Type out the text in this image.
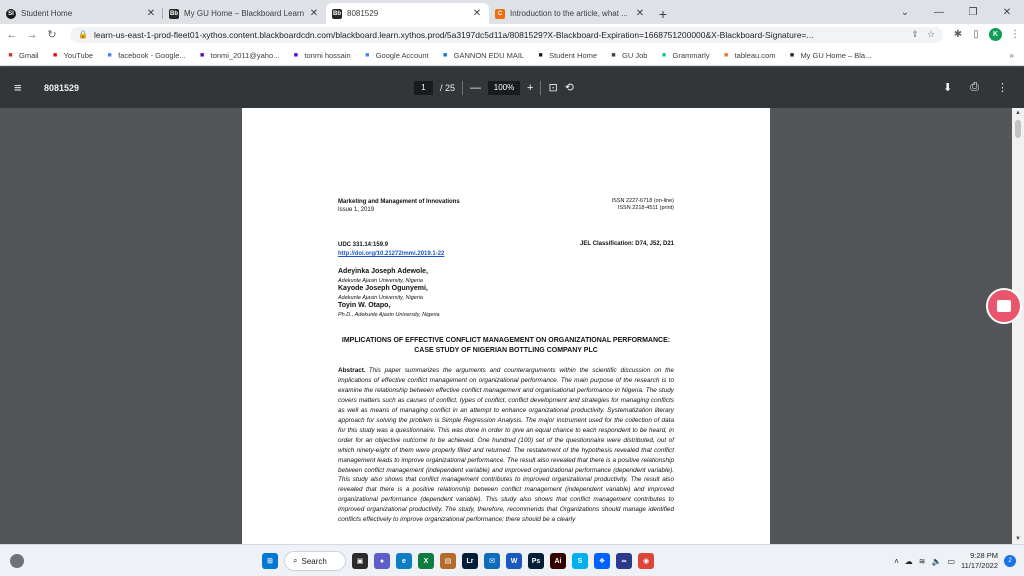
SI Student Home	✕	Bb My GU Home – Blackboard Learn ✕	Bb 8081529	✕	C Introduction to the article, what ... ✕	+	⌄	—	❐	✕
← → ↻	🔒 learn-us-east-1-prod-fleet01-xythos.content.blackboardcdn.com/blackboard.learn.xythos.prod/5a3197dc5d11a/8081529?X-Blackboard-Expiration=1668751200000&X-Blackboard-Signature=...	⇪ ☆	✱	▯	K	⋮
■ Gmail	■ YouTube	■ facebook - Google...	■ tonmi_2011@yaho...	■ tonmi hossain	■ Google Account	■ GANNON EDU MAIL	■ Student Home	■ GU Job	■ Grammarly	■ tableau.com	■ My GU Home – Bla...	»
≡	8081529	1	/ 25 —	100%	+ ⊡ ⟲	⬇ ⎙ ⋮
Marketing and Management of Innovations
Issue 1, 2019
ISSN 2227-6718 (on-line)
ISSN 2218-4511 (print)
UDC 331.14:159.9
http://doi.org/10.21272/mmi.2019.1-22
JEL Classification: D74, J52, D21
Adeyinka Joseph Adewole,
Adekunle Ajasin University, Nigeria
Kayode Joseph Ogunyemi,
Adekunle Ajasin University, Nigeria
Toyin W. Otapo,
Ph.D., Adekunle Ajasin University, Nigeria
IMPLICATIONS OF EFFECTIVE CONFLICT MANAGEMENT ON ORGANIZATIONAL PERFORMANCE: CASE STUDY OF NIGERIAN BOTTLING COMPANY PLC
Abstract. This paper summarizes the arguments and counterarguments within the scientific discussion on the implications of effective conflict management on organizational performance. The main purpose of the research is to examine the relationship between effective conflict management and organisational performance in Nigeria. The study covers matters such as causes of conflict, types of conflict, conflict development and strategies for managing conflicts as well as means of managing conflict in an attempt to enhance organizational productivity. Systematization literary approach for solving the problem is Simple Regression Analysis. The major instrument used for the collection of data for this study was a questionnaire. This was done in order to give an equal chance to each respondent to be heard, in order for an objective outcome to be achieved. One hundred (100) set of the questionnaire were distributed, out of which ninety-eight of them were properly filled and returned. The restatement of the hypothesis revealed that conflict management leads to improve organizational performance. The result also revealed that there is a positive relationship between conflict management (independent variable) and improved organizational performance (dependent variable). This study also shows that conflict management contributes to improved organizational productivity. The result also revealed that there is a positive relationship between conflict management (independent variable) and improved organizational performance (dependent variable). This study also shows that conflict management contributes to improved organizational productivity. The study, therefore, recommends that Organizations should manage identified conflicts effectively to improve organizational performance; there should be a clearly
▲
▼
⊞	⌕ Search	▣	●	e	X	▤	Lr	✉	W	Ps	Ai	S	❖	∞	◉	˄ ☁ ≋ 🔈 ▭
9:28 PM
11/17/2022	2
